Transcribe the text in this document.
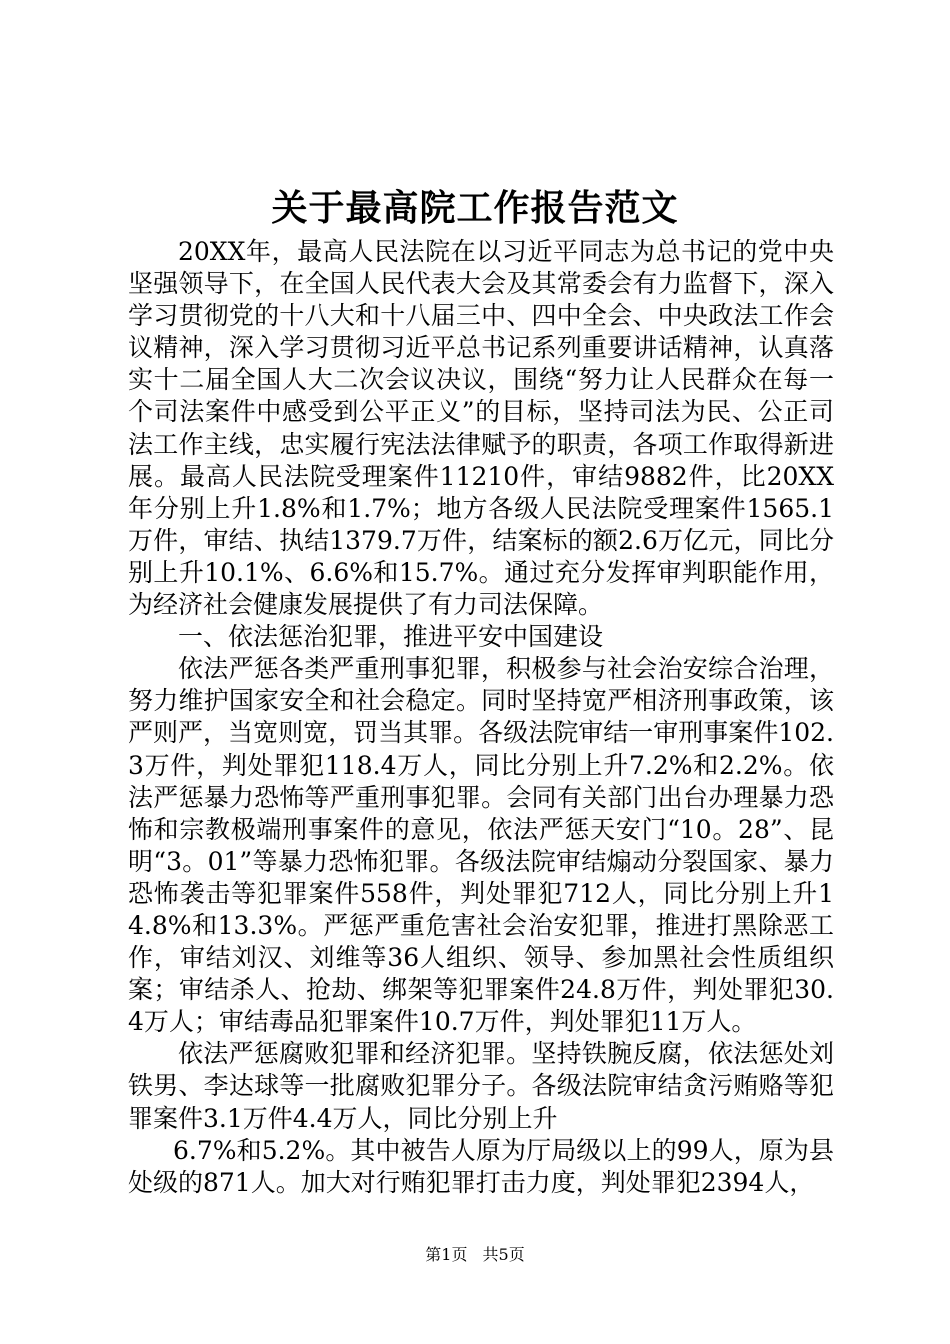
关于最高院工作报告范文

20XX年，最高人民法院在以习近平同志为总书记的党中央坚强领导下，在全国人民代表大会及其常委会有力监督下，深入学习贯彻党的十八大和十八届三中、四中全会、中央政法工作会议精神，深入学习贯彻习近平总书记系列重要讲话精神，认真落实十二届全国人大二次会议决议，围绕“努力让人民群众在每一个司法案件中感受到公平正义”的目标，坚持司法为民、公正司法工作主线，忠实履行宪法法律赋予的职责，各项工作取得新进展。最高人民法院受理案件11210件，审结9882件，比20XX年分别上升1.8%和1.7%；地方各级人民法院受理案件1565.1万件，审结、执结1379.7万件，结案标的额2.6万亿元，同比分别上升10.1%、6.6%和15.7%。通过充分发挥审判职能作用，为经济社会健康发展提供了有力司法保障。

一、依法惩治犯罪，推进平安中国建设

依法严惩各类严重刑事犯罪，积极参与社会治安综合治理，努力维护国家安全和社会稳定。同时坚持宽严相济刑事政策，该严则严，当宽则宽，罚当其罪。各级法院审结一审刑事案件102.3万件，判处罪犯118.4万人，同比分别上升7.2%和2.2%。依法严惩暴力恐怖等严重刑事犯罪。会同有关部门出台办理暴力恐怖和宗教极端刑事案件的意见，依法严惩天安门“10。28”、昆明“3。01”等暴力恐怖犯罪。各级法院审结煽动分裂国家、暴力恐怖袭击等犯罪案件558件，判处罪犯712人，同比分别上升14.8%和13.3%。严惩严重危害社会治安犯罪，推进打黑除恶工作，审结刘汉、刘维等36人组织、领导、参加黑社会性质组织案；审结杀人、抢劫、绑架等犯罪案件24.8万件，判处罪犯30.4万人；审结毒品犯罪案件10.7万件，判处罪犯11万人。

依法严惩腐败犯罪和经济犯罪。坚持铁腕反腐，依法惩处刘铁男、李达球等一批腐败犯罪分子。各级法院审结贪污贿赂等犯罪案件3.1万件4.4万人，同比分别上升

6.7%和5.2%。其中被告人原为厅局级以上的99人，原为县处级的871人。加大对行贿犯罪打击力度，判处罪犯2394人，

第1页 共5页
